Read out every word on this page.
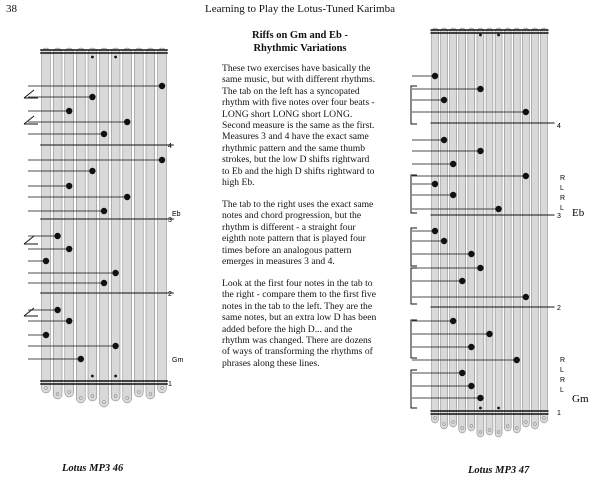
38	Learning to Play the Lotus-Tuned Karimba
4
3
2
1
Eb
Gm
4
3
2
1
Eb
Gm
R
L
R
L
R
L
R
L
Riffs on Gm and Eb -
Rhythmic Variations

These two exercises have basically the same music, but with different rhythms. The tab on the left has a syncopated rhythm with five notes over four beats - LONG short LONG short LONG. Second measure is the same as the first. Measures 3 and 4 have the exact same rhythmic pattern and the same thumb strokes, but the low D shifts rightward to Eb and the high D shifts rightward to high Eb.

The tab to the right uses the exact same notes and chord progression, but the rhythm is different - a straight four eighth note pattern that is played four times before an analogous pattern emerges in measures 3 and 4.

Look at the first four notes in the tab to the right - compare them to the first five notes in the tab to the left. They are the same notes, but an extra low D has been added before the high D... and the rhythm was changed. There are dozens of ways of transforming the rhythms of phrases along these lines.

Lotus MP3 46	Lotus MP3 47
